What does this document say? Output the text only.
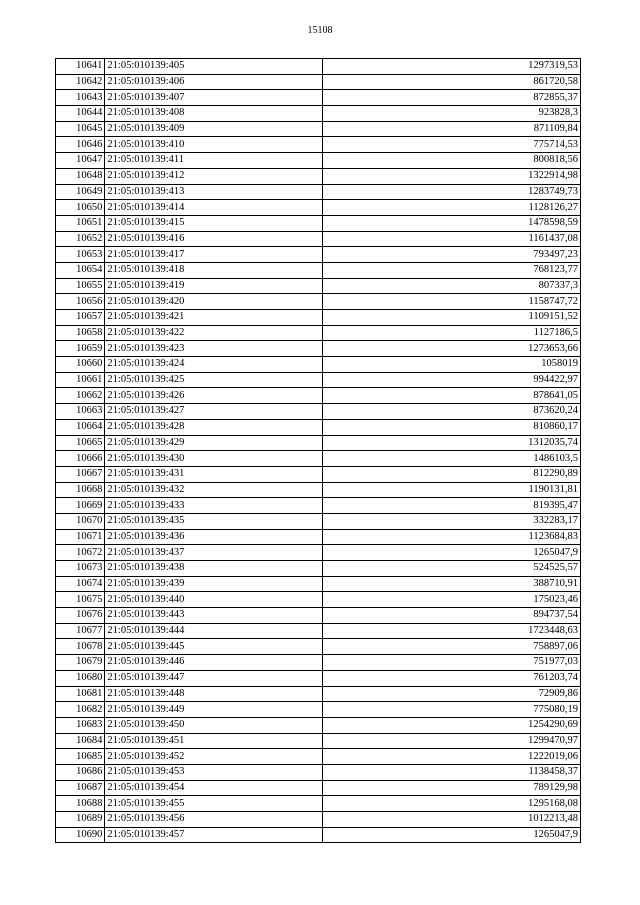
15108
10641	21:05:010139:405	1297319,53
10642	21:05:010139:406	861720,58
10643	21:05:010139:407	872855,37
10644	21:05:010139:408	923828,3
10645	21:05:010139:409	871109,84
10646	21:05:010139:410	775714,53
10647	21:05:010139:411	800818,56
10648	21:05:010139:412	1322914,98
10649	21:05:010139:413	1283749,73
10650	21:05:010139:414	1128126,27
10651	21:05:010139:415	1478598,59
10652	21:05:010139:416	1161437,08
10653	21:05:010139:417	793497,23
10654	21:05:010139:418	768123,77
10655	21:05:010139:419	807337,3
10656	21:05:010139:420	1158747,72
10657	21:05:010139:421	1109151,52
10658	21:05:010139:422	1127186,5
10659	21:05:010139:423	1273653,66
10660	21:05:010139:424	1058019
10661	21:05:010139:425	994422,97
10662	21:05:010139:426	878641,05
10663	21:05:010139:427	873620,24
10664	21:05:010139:428	810860,17
10665	21:05:010139:429	1312035,74
10666	21:05:010139:430	1486103,5
10667	21:05:010139:431	812290,89
10668	21:05:010139:432	1190131,81
10669	21:05:010139:433	819395,47
10670	21:05:010139:435	332283,17
10671	21:05:010139:436	1123684,83
10672	21:05:010139:437	1265047,9
10673	21:05:010139:438	524525,57
10674	21:05:010139:439	388710,91
10675	21:05:010139:440	175023,46
10676	21:05:010139:443	894737,54
10677	21:05:010139:444	1723448,63
10678	21:05:010139:445	758897,06
10679	21:05:010139:446	751977,03
10680	21:05:010139:447	761203,74
10681	21:05:010139:448	72909,86
10682	21:05:010139:449	775080,19
10683	21:05:010139:450	1254290,69
10684	21:05:010139:451	1299470,97
10685	21:05:010139:452	1222019,06
10686	21:05:010139:453	1138458,37
10687	21:05:010139:454	789129,98
10688	21:05:010139:455	1295168,08
10689	21:05:010139:456	1012213,48
10690	21:05:010139:457	1265047,9
